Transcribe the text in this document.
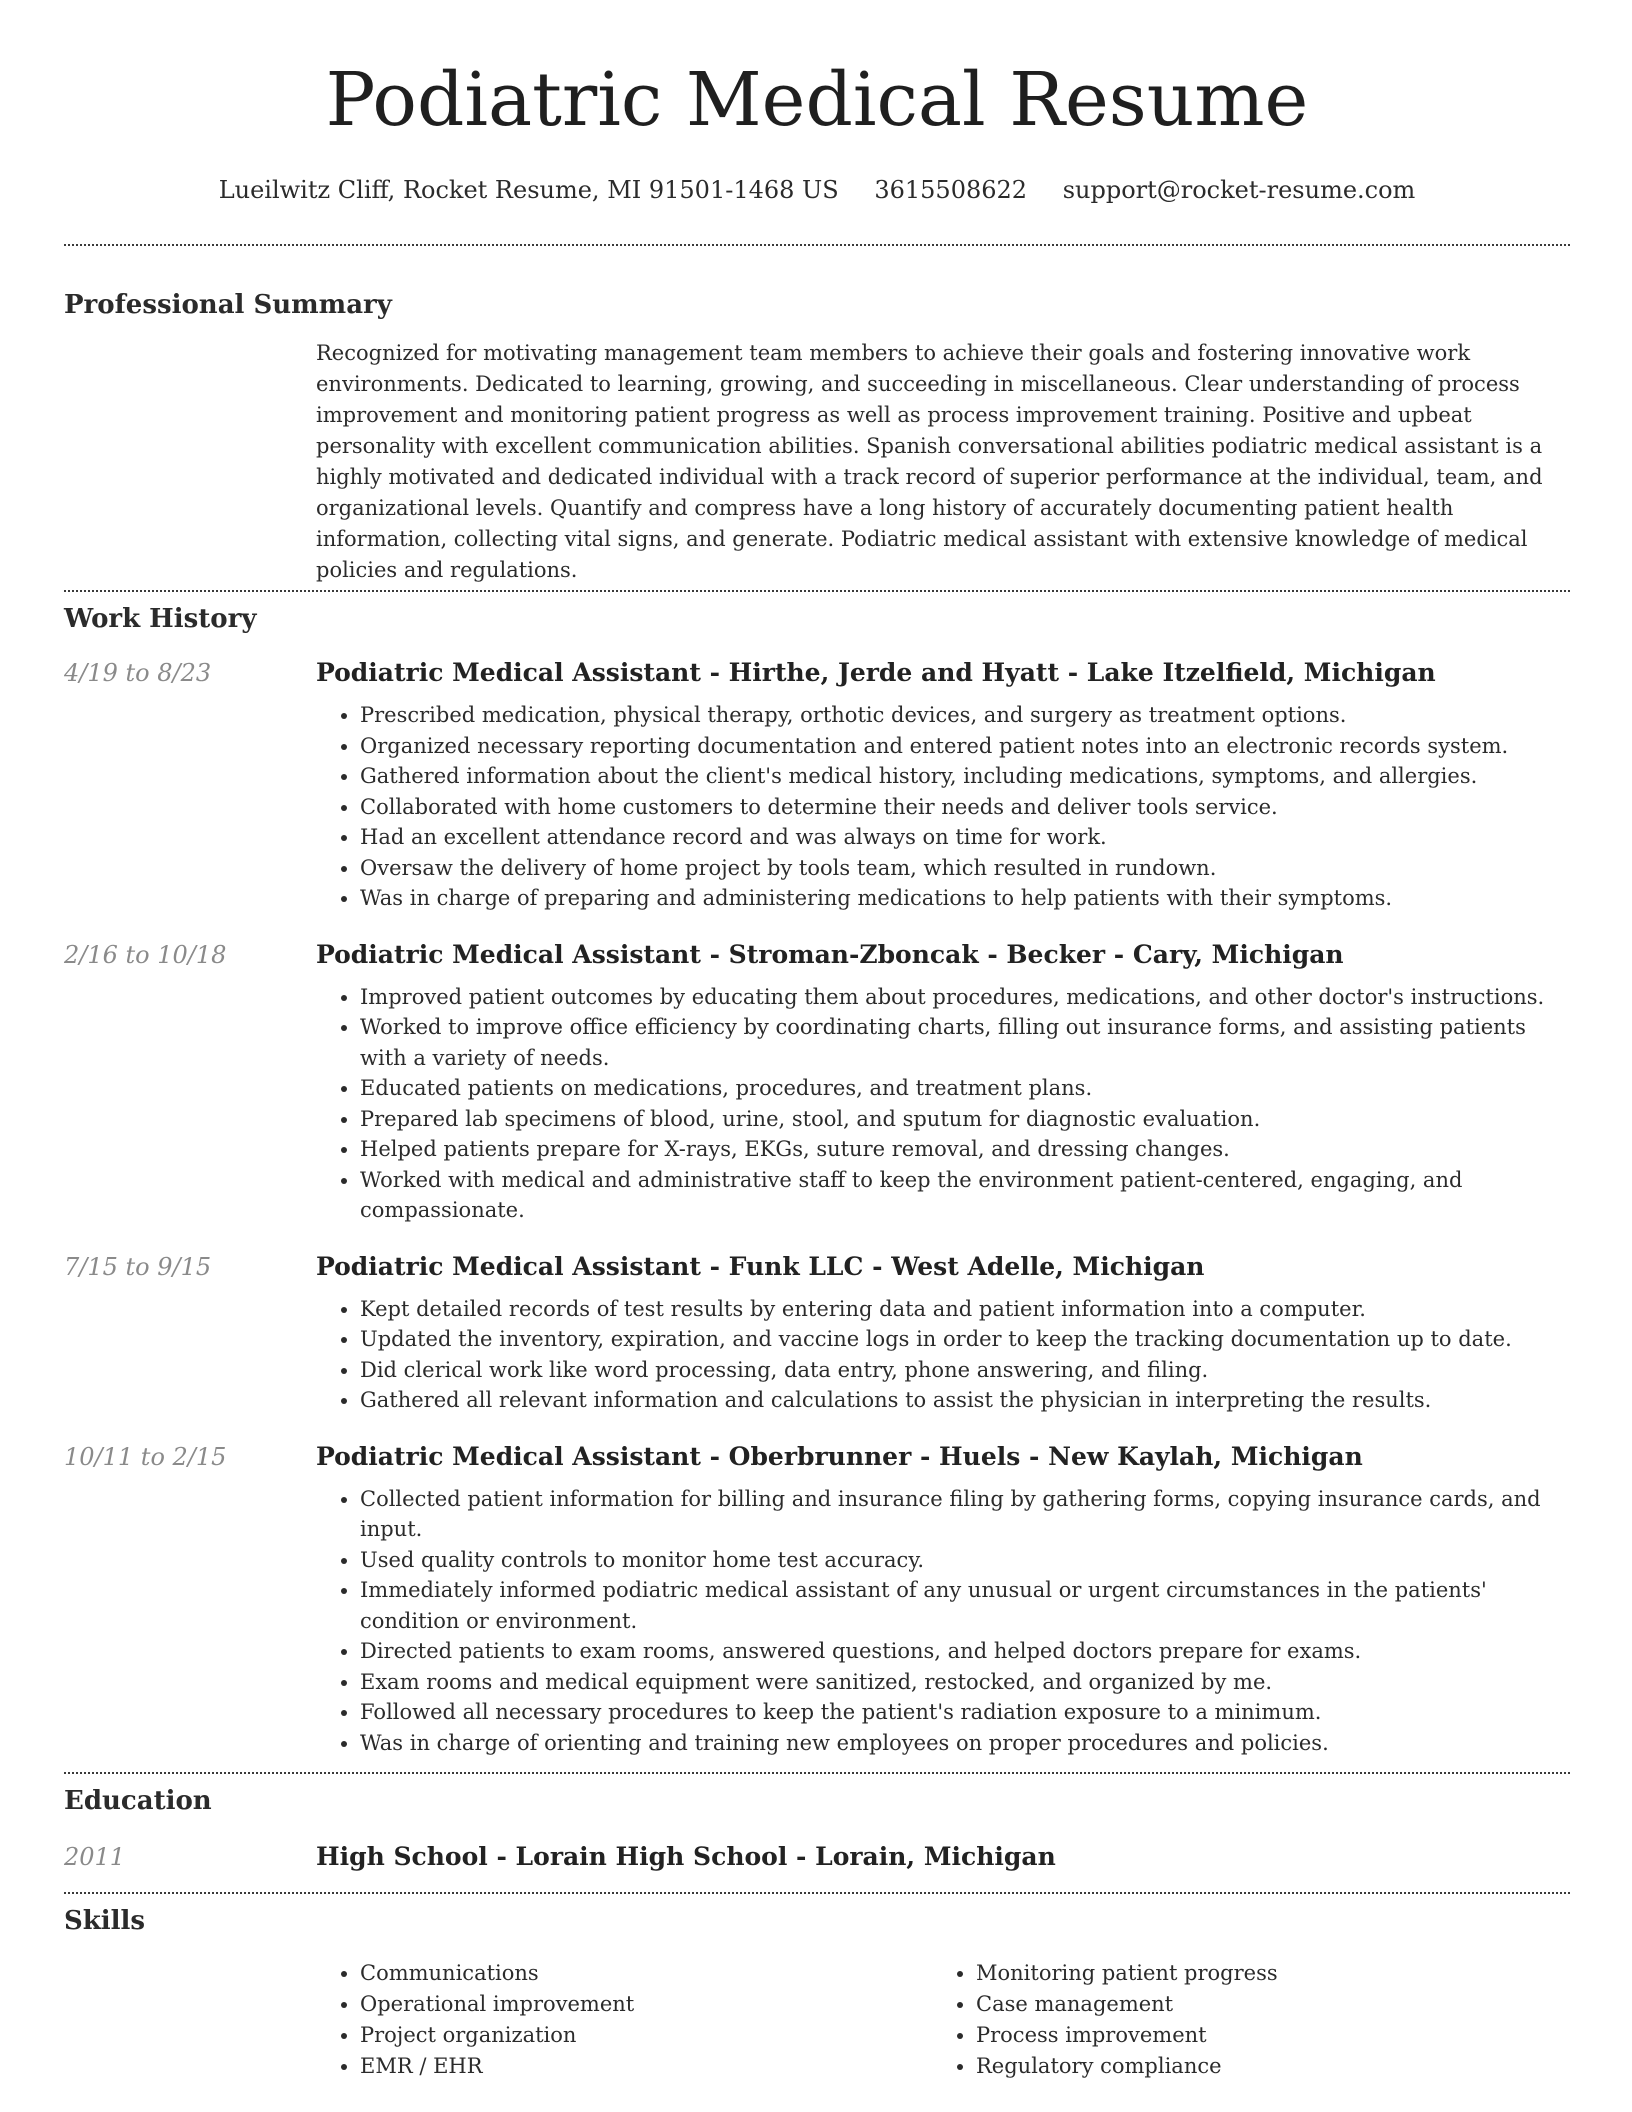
Podiatric Medical Resume
Lueilwitz Cliff, Rocket Resume, MI 91501-1468 US 3615508622 support@rocket-resume.com
Professional Summary

Recognized for motivating management team members to achieve their goals and fostering innovative work environments. Dedicated to learning, growing, and succeeding in miscellaneous. Clear understanding of process improvement and monitoring patient progress as well as process improvement training. Positive and upbeat personality with excellent communication abilities. Spanish conversational abilities podiatric medical assistant is a highly motivated and dedicated individual with a track record of superior performance at the individual, team, and organizational levels. Quantify and compress have a long history of accurately documenting patient health information, collecting vital signs, and generate. Podiatric medical assistant with extensive knowledge of medical policies and regulations.

Work History
4/19 to 8/23	Podiatric Medical Assistant - Hirthe, Jerde and Hyatt - Lake Itzelfield, Michigan
• Prescribed medication, physical therapy, orthotic devices, and surgery as treatment options.
• Organized necessary reporting documentation and entered patient notes into an electronic records system.
• Gathered information about the client's medical history, including medications, symptoms, and allergies.
• Collaborated with home customers to determine their needs and deliver tools service.
• Had an excellent attendance record and was always on time for work.
• Oversaw the delivery of home project by tools team, which resulted in rundown.
• Was in charge of preparing and administering medications to help patients with their symptoms.
2/16 to 10/18	Podiatric Medical Assistant - Stroman-Zboncak - Becker - Cary, Michigan
• Improved patient outcomes by educating them about procedures, medications, and other doctor's instructions.
• Worked to improve office efficiency by coordinating charts, filling out insurance forms, and assisting patients with a variety of needs.
• Educated patients on medications, procedures, and treatment plans.
• Prepared lab specimens of blood, urine, stool, and sputum for diagnostic evaluation.
• Helped patients prepare for X-rays, EKGs, suture removal, and dressing changes.
• Worked with medical and administrative staff to keep the environment patient-centered, engaging, and compassionate.
7/15 to 9/15	Podiatric Medical Assistant - Funk LLC - West Adelle, Michigan
• Kept detailed records of test results by entering data and patient information into a computer.
• Updated the inventory, expiration, and vaccine logs in order to keep the tracking documentation up to date.
• Did clerical work like word processing, data entry, phone answering, and filing.
• Gathered all relevant information and calculations to assist the physician in interpreting the results.
10/11 to 2/15	Podiatric Medical Assistant - Oberbrunner - Huels - New Kaylah, Michigan
• Collected patient information for billing and insurance filing by gathering forms, copying insurance cards, and input.
• Used quality controls to monitor home test accuracy.
• Immediately informed podiatric medical assistant of any unusual or urgent circumstances in the patients' condition or environment.
• Directed patients to exam rooms, answered questions, and helped doctors prepare for exams.
• Exam rooms and medical equipment were sanitized, restocked, and organized by me.
• Followed all necessary procedures to keep the patient's radiation exposure to a minimum.
• Was in charge of orienting and training new employees on proper procedures and policies.
Education
2011	High School - Lorain High School - Lorain, Michigan
Skills
• Communications
• Operational improvement
• Project organization
• EMR / EHR
• Monitoring patient progress
• Case management
• Process improvement
• Regulatory compliance
